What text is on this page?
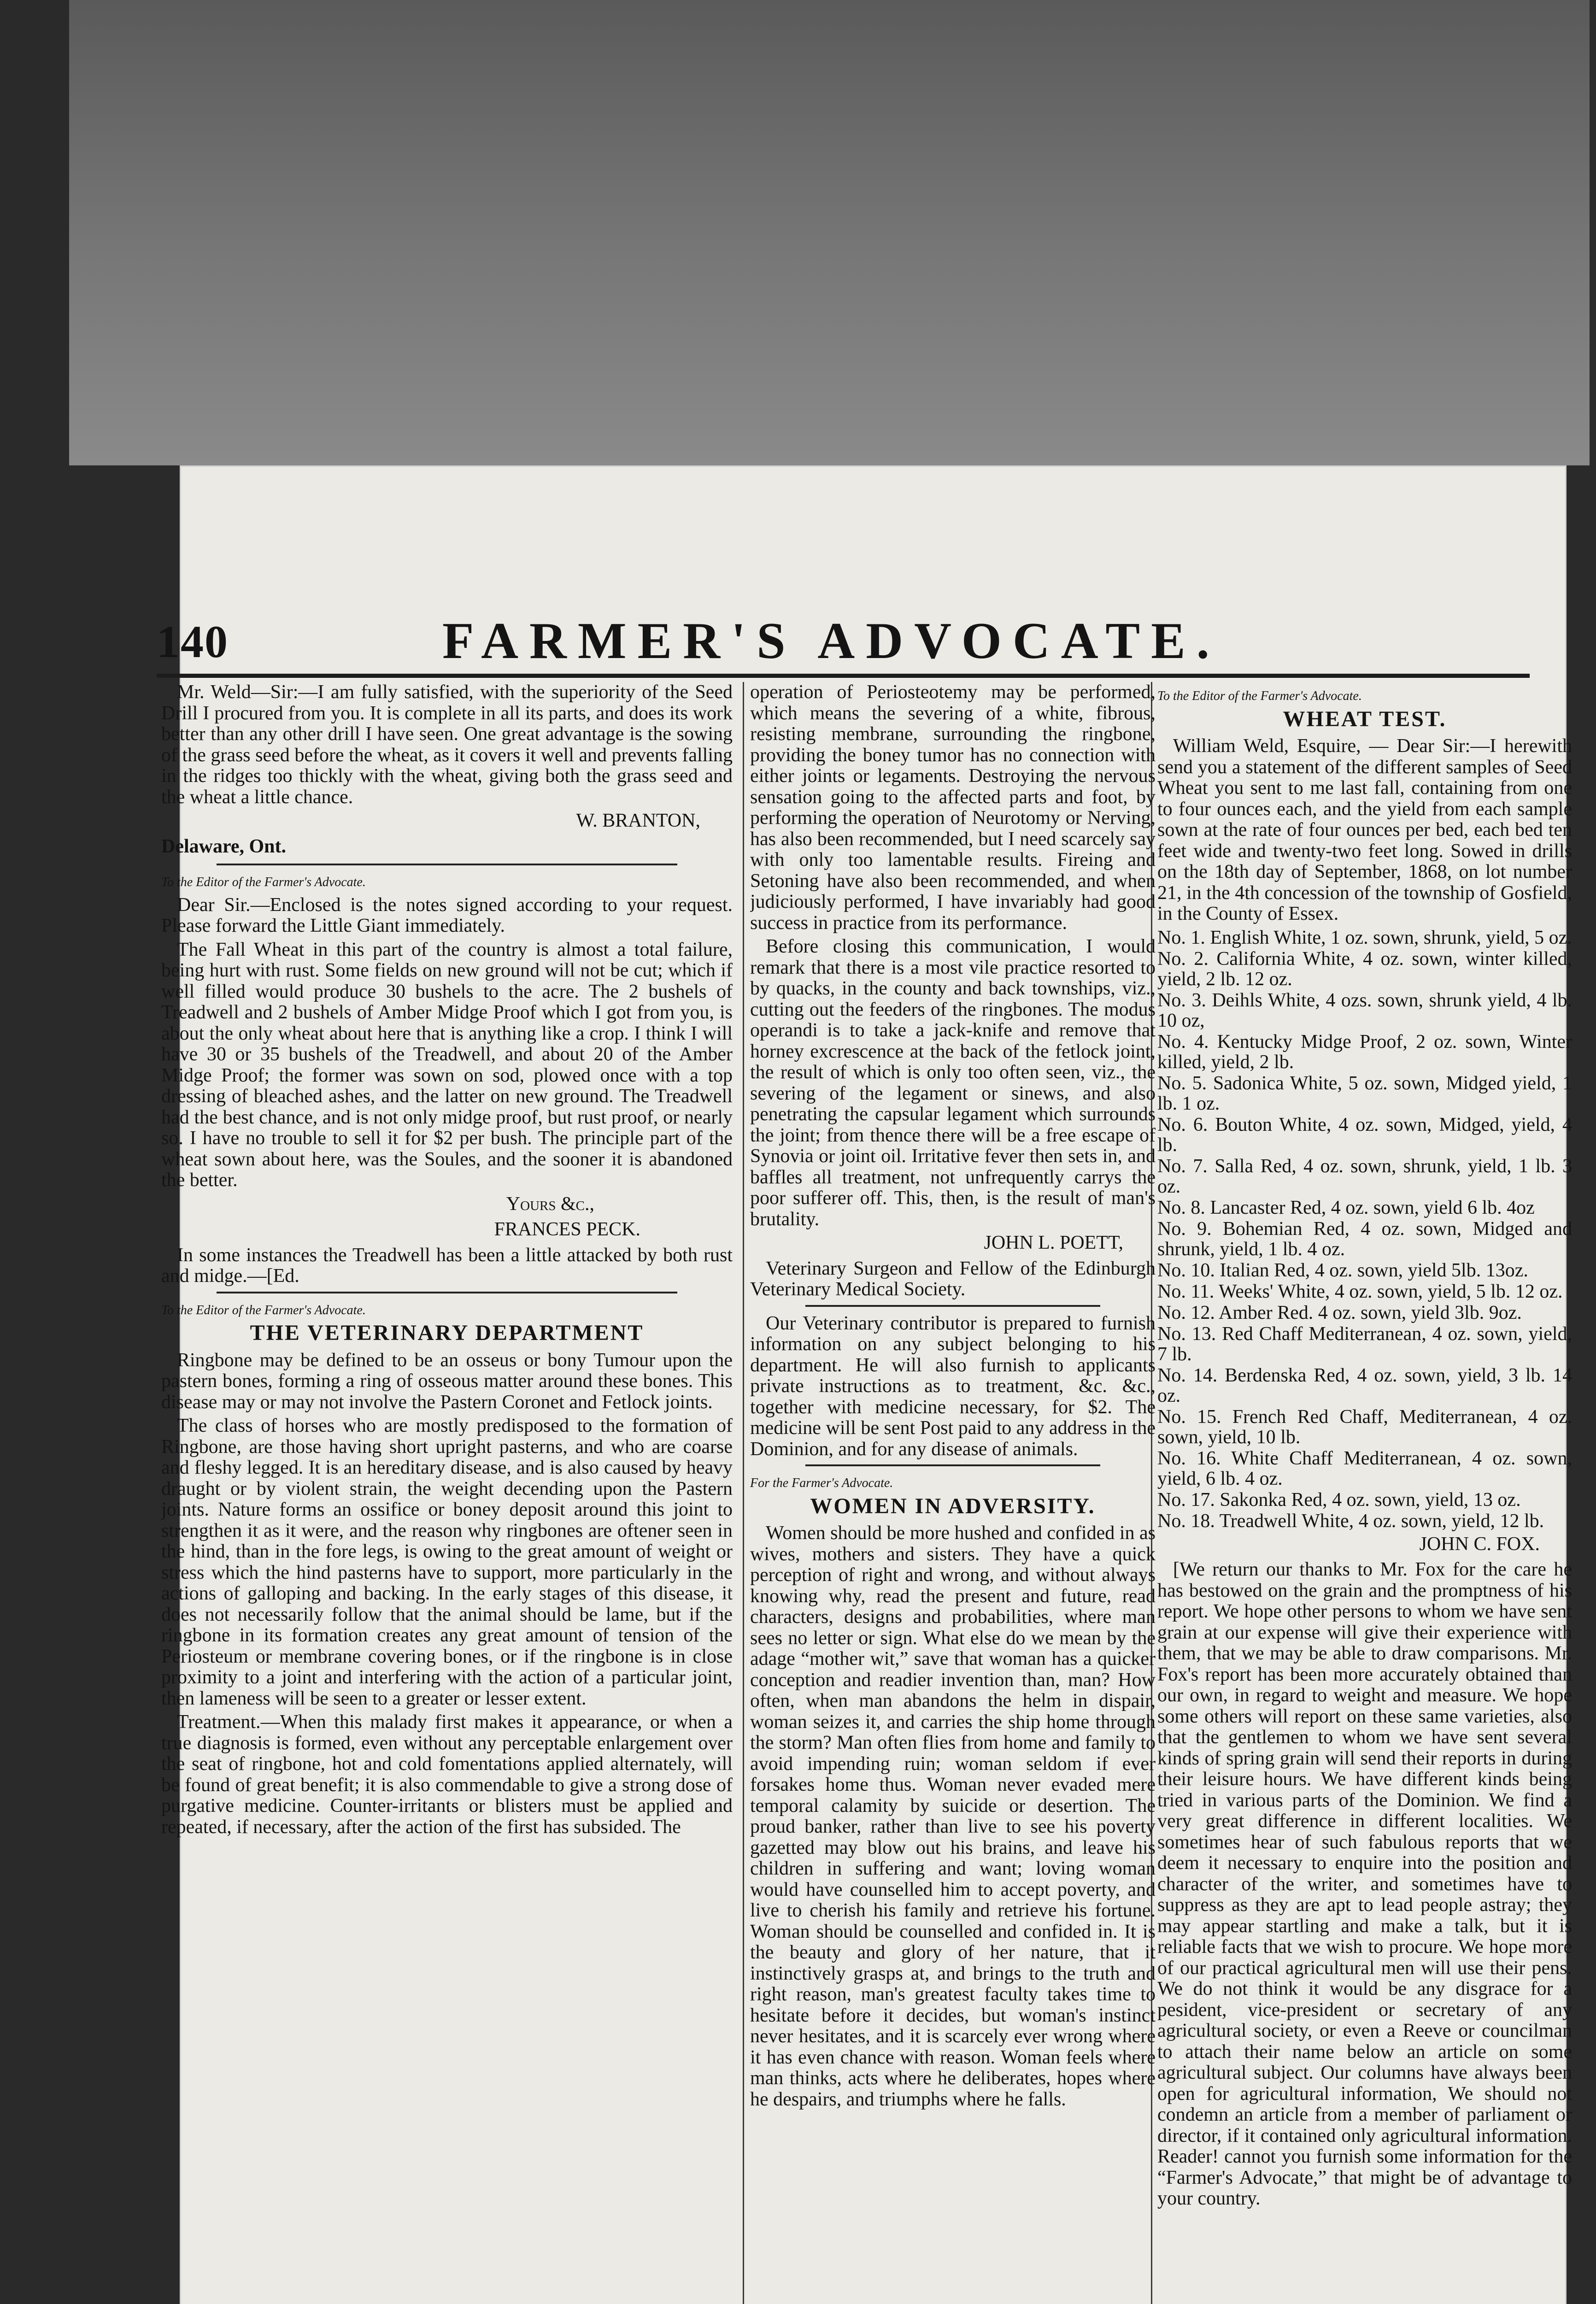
140	FARMER'S ADVOCATE.

Mr. Weld—Sir:—I am fully satisfied, with the superiority of the Seed Drill I procured from you. It is complete in all its parts, and does its work better than any other drill I have seen. One great advantage is the sowing of the grass seed before the wheat, as it covers it well and prevents falling in the ridges too thickly with the wheat, giving both the grass seed and the wheat a little chance.

W. BRANTON,

Delaware, Ont.

To the Editor of the Farmer's Advocate.

Dear Sir.—Enclosed is the notes signed according to your request. Please forward the Little Giant immediately.

The Fall Wheat in this part of the country is almost a total failure, being hurt with rust. Some fields on new ground will not be cut; which if well filled would produce 30 bushels to the acre. The 2 bushels of Treadwell and 2 bushels of Amber Midge Proof which I got from you, is about the only wheat about here that is anything like a crop. I think I will have 30 or 35 bushels of the Treadwell, and about 20 of the Amber Midge Proof; the former was sown on sod, plowed once with a top dressing of bleached ashes, and the latter on new ground. The Treadwell had the best chance, and is not only midge proof, but rust proof, or nearly so. I have no trouble to sell it for $2 per bush. The principle part of the wheat sown about here, was the Soules, and the sooner it is abandoned the better.

Yours &c.,

FRANCES PECK.

In some instances the Treadwell has been a little attacked by both rust and midge.—[Ed.

To the Editor of the Farmer's Advocate.

THE VETERINARY DEPARTMENT

Ringbone may be defined to be an osseus or bony Tumour upon the pastern bones, forming a ring of osseous matter around these bones. This disease may or may not involve the Pastern Coronet and Fetlock joints.

The class of horses who are mostly predisposed to the formation of Ringbone, are those having short upright pasterns, and who are coarse and fleshy legged. It is an hereditary disease, and is also caused by heavy draught or by violent strain, the weight decending upon the Pastern joints. Nature forms an ossifice or boney deposit around this joint to strengthen it as it were, and the reason why ringbones are oftener seen in the hind, than in the fore legs, is owing to the great amount of weight or stress which the hind pasterns have to support, more particularly in the actions of galloping and backing. In the early stages of this disease, it does not necessarily follow that the animal should be lame, but if the ringbone in its formation creates any great amount of tension of the Periosteum or membrane covering bones, or if the ringbone is in close proximity to a joint and interfering with the action of a particular joint, then lameness will be seen to a greater or lesser extent.

Treatment.—When this malady first makes it appearance, or when a true diagnosis is formed, even without any perceptable enlargement over the seat of ringbone, hot and cold fomentations applied alternately, will be found of great benefit; it is also commendable to give a strong dose of purgative medicine. Counter-irritants or blisters must be applied and repeated, if necessary, after the action of the first has subsided. The

operation of Periosteotemy may be performed, which means the severing of a white, fibrous, resisting membrane, surrounding the ringbone, providing the boney tumor has no connection with either joints or legaments. Destroying the nervous sensation going to the affected parts and foot, by performing the operation of Neurotomy or Nerving, has also been recommended, but I need scarcely say with only too lamentable results. Fireing and Setoning have also been recommended, and when judiciously performed, I have invariably had good success in practice from its performance.

Before closing this communication, I would remark that there is a most vile practice resorted to by quacks, in the county and back townships, viz., cutting out the feeders of the ringbones. The modus operandi is to take a jack-knife and remove that horney excrescence at the back of the fetlock joint, the result of which is only too often seen, viz., the severing of the legament or sinews, and also penetrating the capsular legament which surrounds the joint; from thence there will be a free escape of Synovia or joint oil. Irritative fever then sets in, and baffles all treatment, not unfrequently carrys the poor sufferer off. This, then, is the result of man's brutality.

JOHN L. POETT,

Veterinary Surgeon and Fellow of the Edinburgh Veterinary Medical Society.

Our Veterinary contributor is prepared to furnish information on any subject belonging to his department. He will also furnish to applicants private instructions as to treatment, &c. &c., together with medicine necessary, for $2. The medicine will be sent Post paid to any address in the Dominion, and for any disease of animals.

For the Farmer's Advocate.

WOMEN IN ADVERSITY.

Women should be more hushed and confided in as wives, mothers and sisters. They have a quick perception of right and wrong, and without always knowing why, read the present and future, read characters, designs and probabilities, where man sees no letter or sign. What else do we mean by the adage “mother wit,” save that woman has a quicker conception and readier invention than, man? How often, when man abandons the helm in dispair, woman seizes it, and carries the ship home through the storm? Man often flies from home and family to avoid impending ruin; woman seldom if ever forsakes home thus. Woman never evaded mere temporal calamity by suicide or desertion. The proud banker, rather than live to see his poverty gazetted may blow out his brains, and leave his children in suffering and want; loving woman would have counselled him to accept poverty, and live to cherish his family and retrieve his fortune. Woman should be counselled and confided in. It is the beauty and glory of her nature, that it instinctively grasps at, and brings to the truth and right reason, man's greatest faculty takes time to hesitate before it decides, but woman's instinct never hesitates, and it is scarcely ever wrong where it has even chance with reason. Woman feels where man thinks, acts where he deliberates, hopes where he despairs, and triumphs where he falls.

To the Editor of the Farmer's Advocate.

WHEAT TEST.

William Weld, Esquire, — Dear Sir:—I herewith send you a statement of the different samples of Seed Wheat you sent to me last fall, containing from one to four ounces each, and the yield from each sample sown at the rate of four ounces per bed, each bed ten feet wide and twenty-two feet long. Sowed in drills on the 18th day of September, 1868, on lot number 21, in the 4th concession of the township of Gosfield, in the County of Essex.

No. 1. English White, 1 oz. sown, shrunk, yield, 5 oz.

No. 2. California White, 4 oz. sown, winter killed, yield, 2 lb. 12 oz.

No. 3. Deihls White, 4 ozs. sown, shrunk yield, 4 lb. 10 oz,

No. 4. Kentucky Midge Proof, 2 oz. sown, Winter killed, yield, 2 lb.

No. 5. Sadonica White, 5 oz. sown, Midged yield, 1 lb. 1 oz.

No. 6. Bouton White, 4 oz. sown, Midged, yield, 4 lb.

No. 7. Salla Red, 4 oz. sown, shrunk, yield, 1 lb. 3 oz.

No. 8. Lancaster Red, 4 oz. sown, yield 6 lb. 4oz

No. 9. Bohemian Red, 4 oz. sown, Midged and shrunk, yield, 1 lb. 4 oz.

No. 10. Italian Red, 4 oz. sown, yield 5lb. 13oz.

No. 11. Weeks' White, 4 oz. sown, yield, 5 lb. 12 oz.

No. 12. Amber Red. 4 oz. sown, yield 3lb. 9oz.

No. 13. Red Chaff Mediterranean, 4 oz. sown, yield, 7 lb.

No. 14. Berdenska Red, 4 oz. sown, yield, 3 lb. 14 oz.

No. 15. French Red Chaff, Mediterranean, 4 oz. sown, yield, 10 lb.

No. 16. White Chaff Mediterranean, 4 oz. sown, yield, 6 lb. 4 oz.

No. 17. Sakonka Red, 4 oz. sown, yield, 13 oz.

No. 18. Treadwell White, 4 oz. sown, yield, 12 lb.

JOHN C. FOX.

[We return our thanks to Mr. Fox for the care he has bestowed on the grain and the promptness of his report. We hope other persons to whom we have sent grain at our expense will give their experience with them, that we may be able to draw comparisons. Mr. Fox's report has been more accurately obtained than our own, in regard to weight and measure. We hope some others will report on these same varieties, also that the gentlemen to whom we have sent several kinds of spring grain will send their reports in during their leisure hours. We have different kinds being tried in various parts of the Dominion. We find a very great difference in different localities. We sometimes hear of such fabulous reports that we deem it necessary to enquire into the position and character of the writer, and sometimes have to suppress as they are apt to lead people astray; they may appear startling and make a talk, but it is reliable facts that we wish to procure. We hope more of our practical agricultural men will use their pens. We do not think it would be any disgrace for a pesident, vice-president or secretary of any agricultural society, or even a Reeve or councilman to attach their name below an article on some agricultural subject. Our columns have always been open for agricultural information, We should not condemn an article from a member of parliament or director, if it contained only agricultural information. Reader! cannot you furnish some information for the “Farmer's Advocate,” that might be of advantage to your country.
